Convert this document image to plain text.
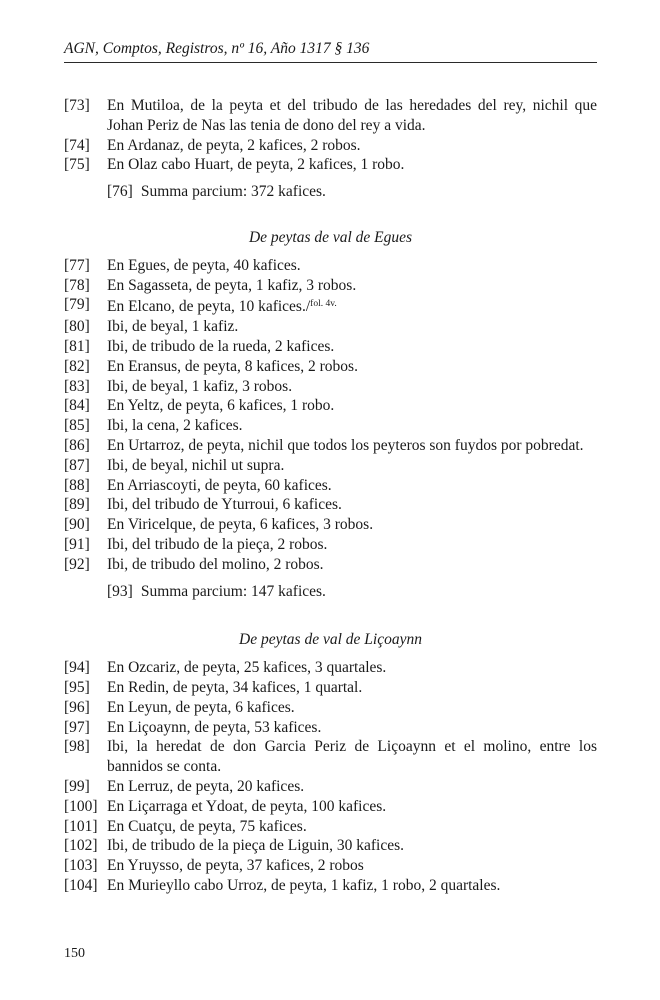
AGN, Comptos, Registros, nº 16, Año 1317 § 136
[73]	En Mutiloa, de la peyta et del tribudo de las heredades del rey, nichil que Johan Periz de Nas las tenia de dono del rey a vida.
[74]	En Ardanaz, de peyta, 2 kafices, 2 robos.
[75]	En Olaz cabo Huart, de peyta, 2 kafices, 1 robo.
[76] Summa parcium: 372 kafices.
De peytas de val de Egues
[77]	En Egues, de peyta, 40 kafices.
[78]	En Sagasseta, de peyta, 1 kafiz, 3 robos.
[79]	En Elcano, de peyta, 10 kafices./$^{fol. 4v.}$
[80]	Ibi, de beyal, 1 kafiz.
[81]	Ibi, de tribudo de la rueda, 2 kafices.
[82]	En Eransus, de peyta, 8 kafices, 2 robos.
[83]	Ibi, de beyal, 1 kafiz, 3 robos.
[84]	En Yeltz, de peyta, 6 kafices, 1 robo.
[85]	Ibi, la cena, 2 kafices.
[86]	En Urtarroz, de peyta, nichil que todos los peyteros son fuydos por pobredat.
[87]	Ibi, de beyal, nichil ut supra.
[88]	En Arriascoyti, de peyta, 60 kafices.
[89]	Ibi, del tribudo de Yturroui, 6 kafices.
[90]	En Viricelque, de peyta, 6 kafices, 3 robos.
[91]	Ibi, del tribudo de la pieça, 2 robos.
[92]	Ibi, de tribudo del molino, 2 robos.
[93] Summa parcium: 147 kafices.
De peytas de val de Liçoaynn
[94]	En Ozcariz, de peyta, 25 kafices, 3 quartales.
[95]	En Redin, de peyta, 34 kafices, 1 quartal.
[96]	En Leyun, de peyta, 6 kafices.
[97]	En Liçoaynn, de peyta, 53 kafices.
[98]	Ibi, la heredat de don Garcia Periz de Liçoaynn et el molino, entre los bannidos se conta.
[99]	En Lerruz, de peyta, 20 kafices.
[100] En Liçarraga et Ydoat, de peyta, 100 kafices.
[101] En Cuatçu, de peyta, 75 kafices.
[102] Ibi, de tribudo de la pieça de Liguin, 30 kafices.
[103] En Yruysso, de peyta, 37 kafices, 2 robos
[104] En Murieyllo cabo Urroz, de peyta, 1 kafiz, 1 robo, 2 quartales.
150
